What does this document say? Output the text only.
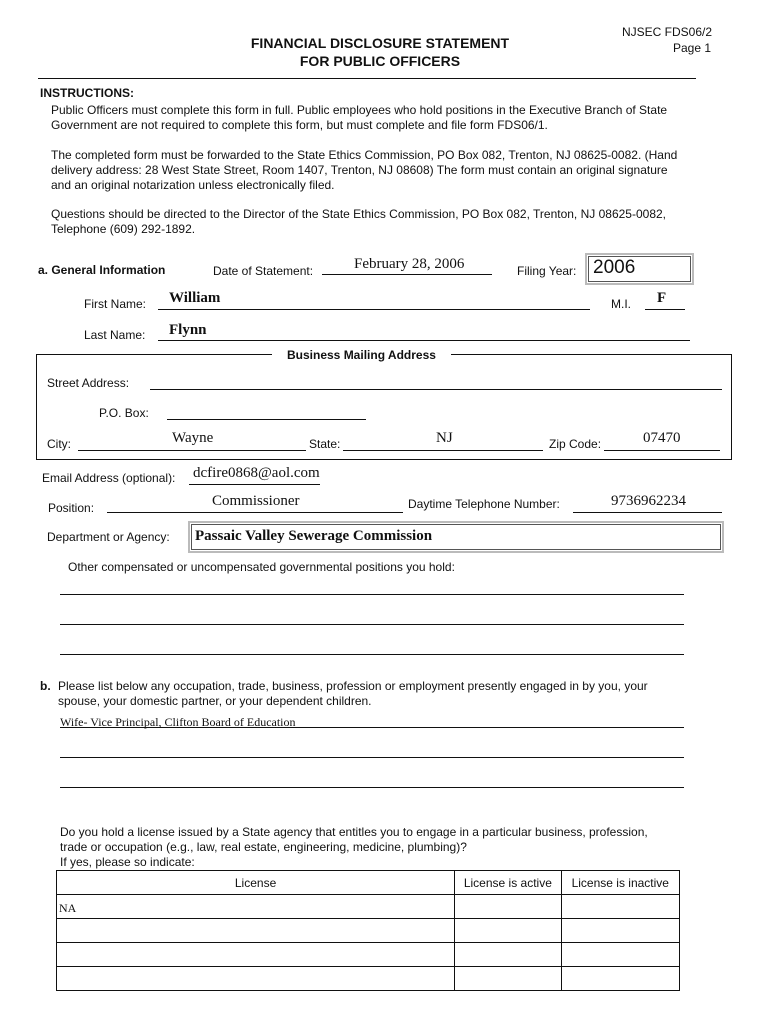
NJSEC FDS06/2
Page 1
FINANCIAL DISCLOSURE STATEMENT
FOR PUBLIC OFFICERS
INSTRUCTIONS:
Public Officers must complete this form in full. Public employees who hold positions in the Executive Branch of State
Government are not required to complete this form, but must complete and file form FDS06/1.
The completed form must be forwarded to the State Ethics Commission, PO Box 082, Trenton, NJ 08625-0082. (Hand
delivery address: 28 West State Street, Room 1407, Trenton, NJ 08608) The form must contain an original signature
and an original notarization unless electronically filed.
Questions should be directed to the Director of the State Ethics Commission, PO Box 082, Trenton, NJ 08625-0082,
Telephone (609) 292-1892.
a. General Information	Date of Statement:	February 28, 2006	Filing Year: 2006
First Name: William	M.I. F
Last Name: Flynn
Business Mailing Address
Street Address:
P.O. Box:
City:	Wayne	State:	NJ	Zip Code:	07470
Email Address (optional): dcfire0868@aol.com
Position:	Commissioner	Daytime Telephone Number:	9736962234
Department or Agency: Passaic Valley Sewerage Commission
Other compensated or uncompensated governmental positions you hold:
b. Please list below any occupation, trade, business, profession or employment presently engaged in by you, your
spouse, your domestic partner, or your dependent children.
Wife- Vice Principal, Clifton Board of Education
Do you hold a license issued by a State agency that entitles you to engage in a particular business, profession,
trade or occupation (e.g., law, real estate, engineering, medicine, plumbing)?
If yes, please so indicate:
License	License is active	License is inactive
NA		
